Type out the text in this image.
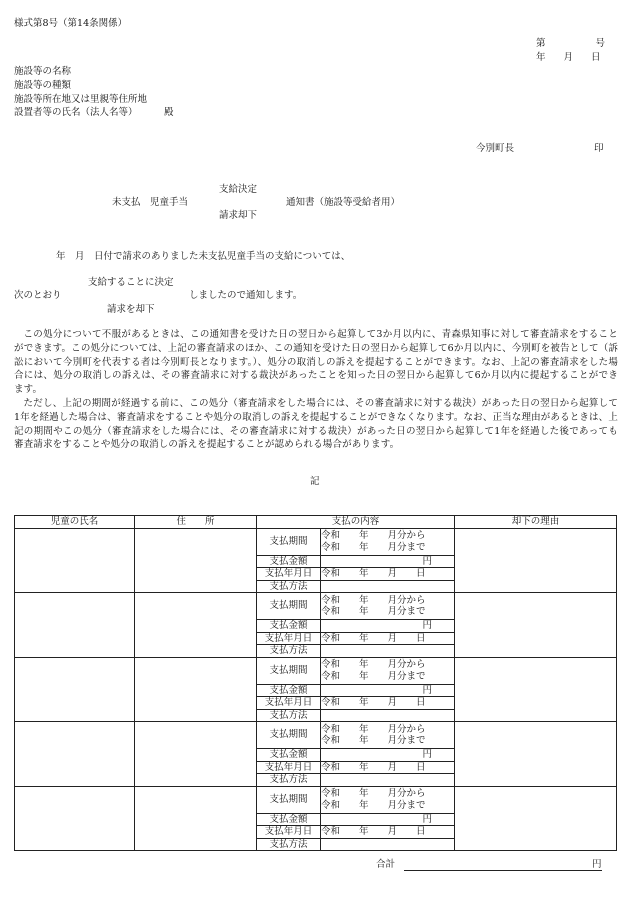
様式第8号（第14条関係）
第	号
年 月 日
施設等の名称
施設等の種類
施設等所在地又は里親等住所地
設置者等の氏名（法人名等）	殿
今別町長	印
支給決定
未支払　児童手当	通知書（施設等受給者用）
請求却下
年　月　日付で請求のありました未支払児童手当の支給については、
支給することに決定
次のとおり	しましたので通知します。
請求を却下

この処分について不服があるときは、この通知書を受けた日の翌日から起算して3か月以内に、青森県知事に対して審査請求をすることができます。この処分については、上記の審査請求のほか、この通知を受けた日の翌日から起算して6か月以内に、今別町を被告として（訴訟において今別町を代表する者は今別町長となります。）、処分の取消しの訴えを提起することができます。なお、上記の審査請求をした場合には、処分の取消しの訴えは、その審査請求に対する裁決があったことを知った日の翌日から起算して6か月以内に提起することができます。

ただし、上記の期間が経過する前に、この処分（審査請求をした場合には、その審査請求に対する裁決）があった日の翌日から起算して1年を経過した場合は、審査請求をすることや処分の取消しの訴えを提起することができなくなります。なお、正当な理由があるときは、上記の期間やこの処分（審査請求をした場合には、その審査請求に対する裁決）があった日の翌日から起算して1年を経過した後であっても審査請求をすることや処分の取消しの訴えを提起することが認められる場合があります。

記
児童の氏名	住　　所	支払の内容		却下の理由
		支払期間	令和　　年　　月分から
令和　　年　　月分まで	

		支払金額	円	
		支払年月日	令和　　年　　月　　日	
		支払方法		
		支払期間	令和　　年　　月分から
令和　　年　　月分まで	

		支払金額	円	
		支払年月日	令和　　年　　月　　日	
		支払方法		
		支払期間	令和　　年　　月分から
令和　　年　　月分まで	

		支払金額	円	
		支払年月日	令和　　年　　月　　日	
		支払方法		
		支払期間	令和　　年　　月分から
令和　　年　　月分まで	

		支払金額	円	
		支払年月日	令和　　年　　月　　日	
		支払方法		
		支払期間	令和　　年　　月分から
令和　　年　　月分まで	

		支払金額	円	
		支払年月日	令和　　年　　月　　日	
		支払方法		
合計	円
